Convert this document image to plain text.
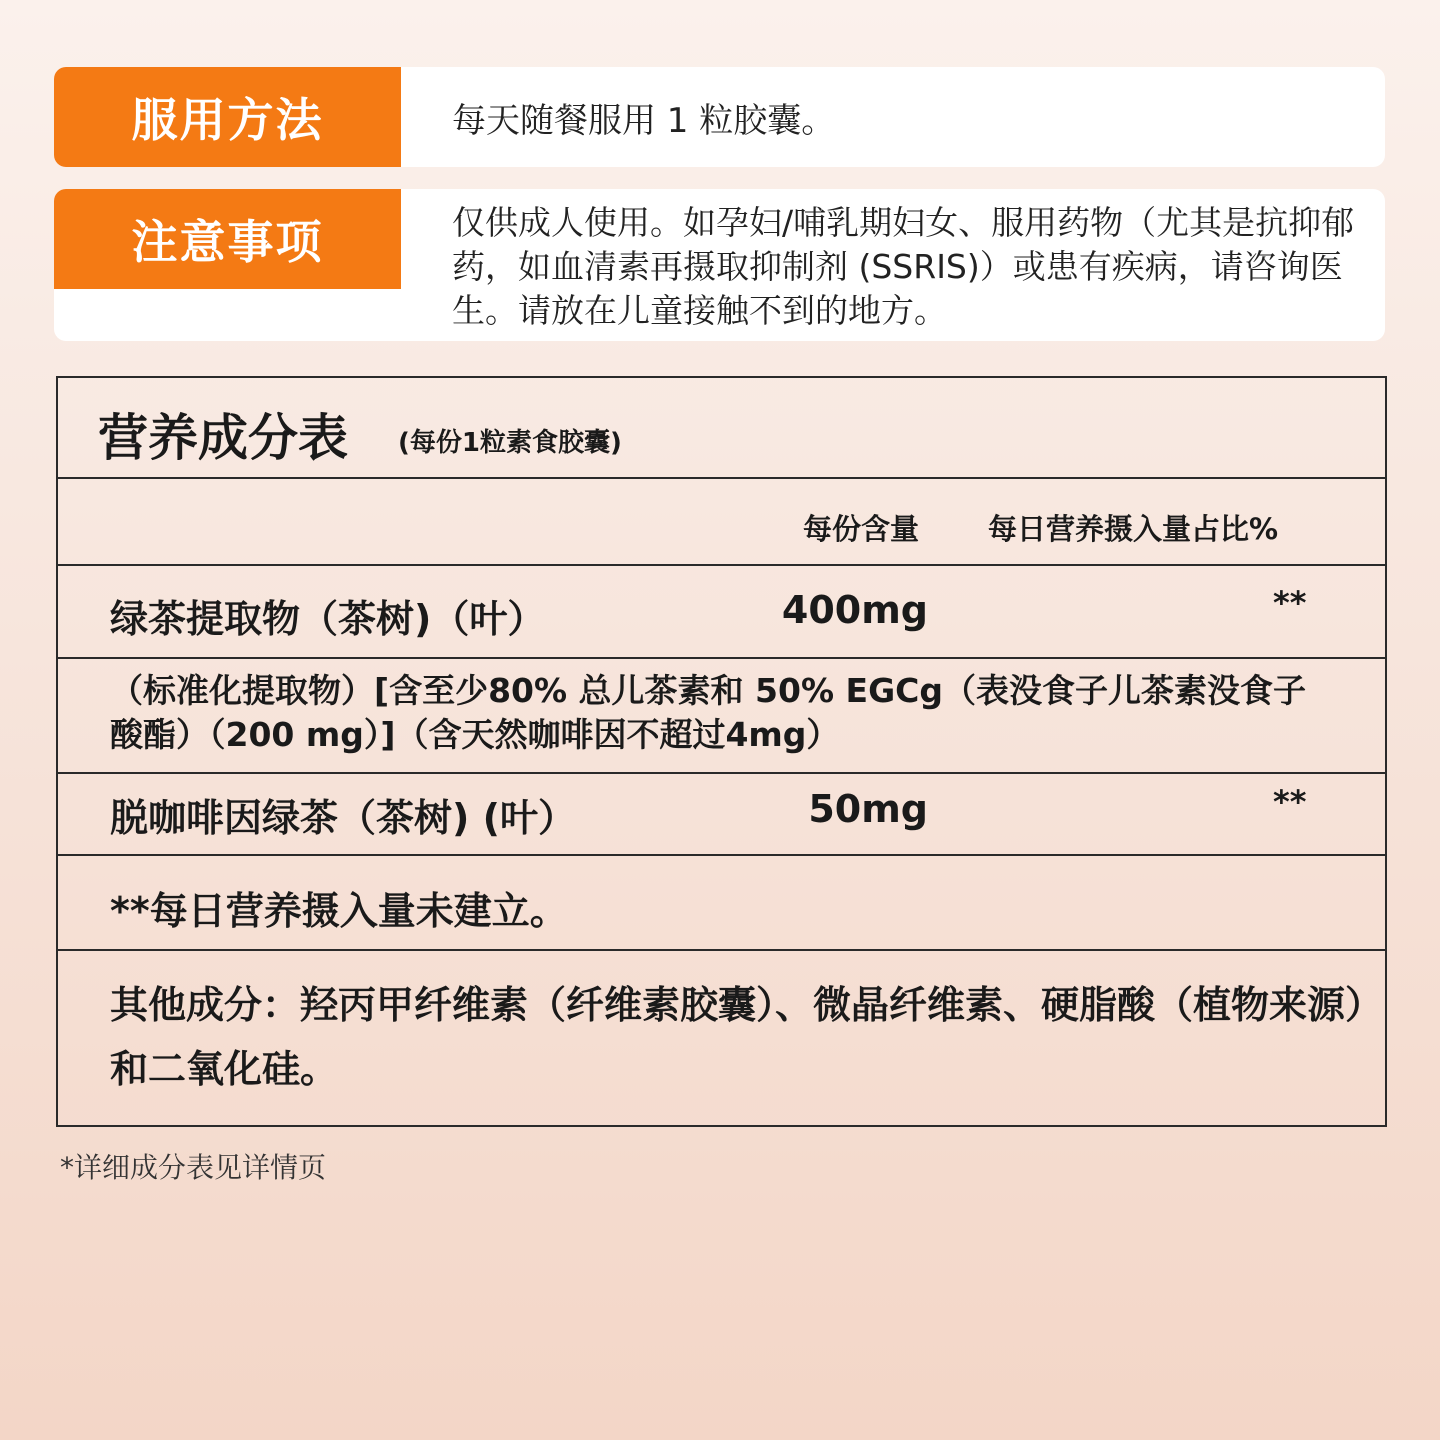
服用方法	每天随餐服用 1 粒胶囊。
注意事项	仅供成人使用。如孕妇/哺乳期妇女、服用药物（尤其是抗抑郁药，如血清素再摄取抑制剂 (SSRIS)）或患有疾病，请咨询医生。请放在儿童接触不到的地方。
营养成分表 (每份1粒素食胶囊)
每份含量 每日营养摄入量占比%
绿茶提取物（茶树)（叶）	400mg	**
（标准化提取物）[含至少80% 总儿茶素和 50% EGCg（表没食子儿茶素没食子酸酯）（200 mg）]（含天然咖啡因不超过4mg）
脱咖啡因绿茶（茶树) (叶）	50mg	**
**每日营养摄入量未建立。
其他成分：羟丙甲纤维素（纤维素胶囊）、微晶纤维素、硬脂酸（植物来源）和二氧化硅。
*详细成分表见详情页
